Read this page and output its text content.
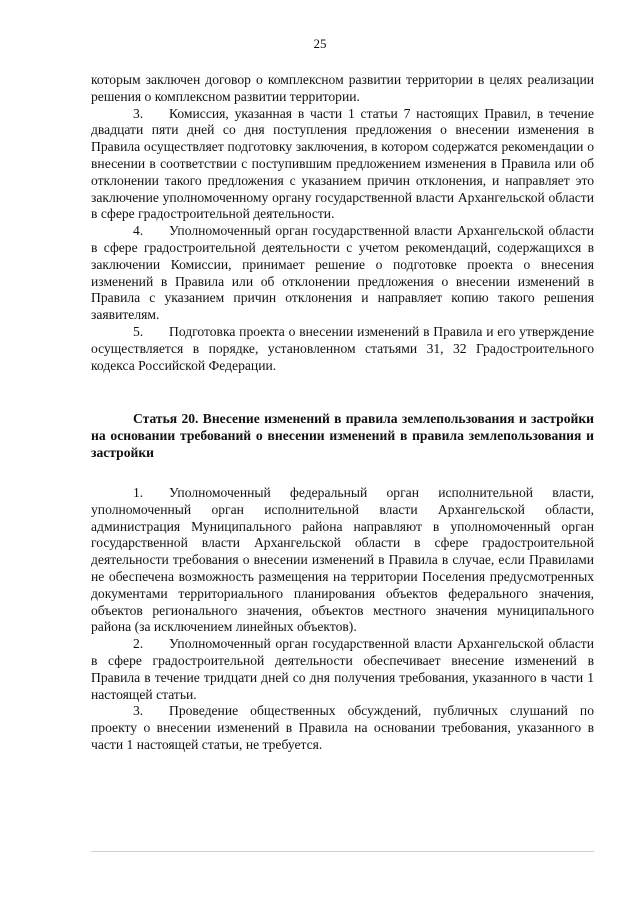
25

которым заключен договор о комплексном развитии территории в целях реализации решения о комплексном развитии территории.

3. Комиссия, указанная в части 1 статьи 7 настоящих Правил, в течение двадцати пяти дней со дня поступления предложения о внесении изменения в Правила осуществляет подготовку заключения, в котором содержатся рекомендации о внесении в соответствии с поступившим предложением изменения в Правила или об отклонении такого предложения с указанием причин отклонения, и направляет это заключение уполномоченному органу государственной власти Архангельской области в сфере градостроительной деятельности.

4. Уполномоченный орган государственной власти Архангельской области в сфере градостроительной деятельности с учетом рекомендаций, содержащихся в заключении Комиссии, принимает решение о подготовке проекта о внесения изменений в Правила или об отклонении предложения о внесении изменений в Правила с указанием причин отклонения и направляет копию такого решения заявителям.

5. Подготовка проекта о внесении изменений в Правила и его утверждение осуществляется в порядке, установленном статьями 31, 32 Градостроительного кодекса Российской Федерации.

Статья 20. Внесение изменений в правила землепользования и застройки на основании требований о внесении изменений в правила землепользования и застройки

1. Уполномоченный федеральный орган исполнительной власти, уполномоченный орган исполнительной власти Архангельской области, администрация Муниципального района направляют в уполномоченный орган государственной власти Архангельской области в сфере градостроительной деятельности требования о внесении изменений в Правила в случае, если Правилами не обеспечена возможность размещения на территории Поселения предусмотренных документами территориального планирования объектов федерального значения, объектов регионального значения, объектов местного значения муниципального района (за исключением линейных объектов).

2. Уполномоченный орган государственной власти Архангельской области в сфере градостроительной деятельности обеспечивает внесение изменений в Правила в течение тридцати дней со дня получения требования, указанного в части 1 настоящей статьи.

3. Проведение общественных обсуждений, публичных слушаний по проекту о внесении изменений в Правила на основании требования, указанного в части 1 настоящей статьи, не требуется.
